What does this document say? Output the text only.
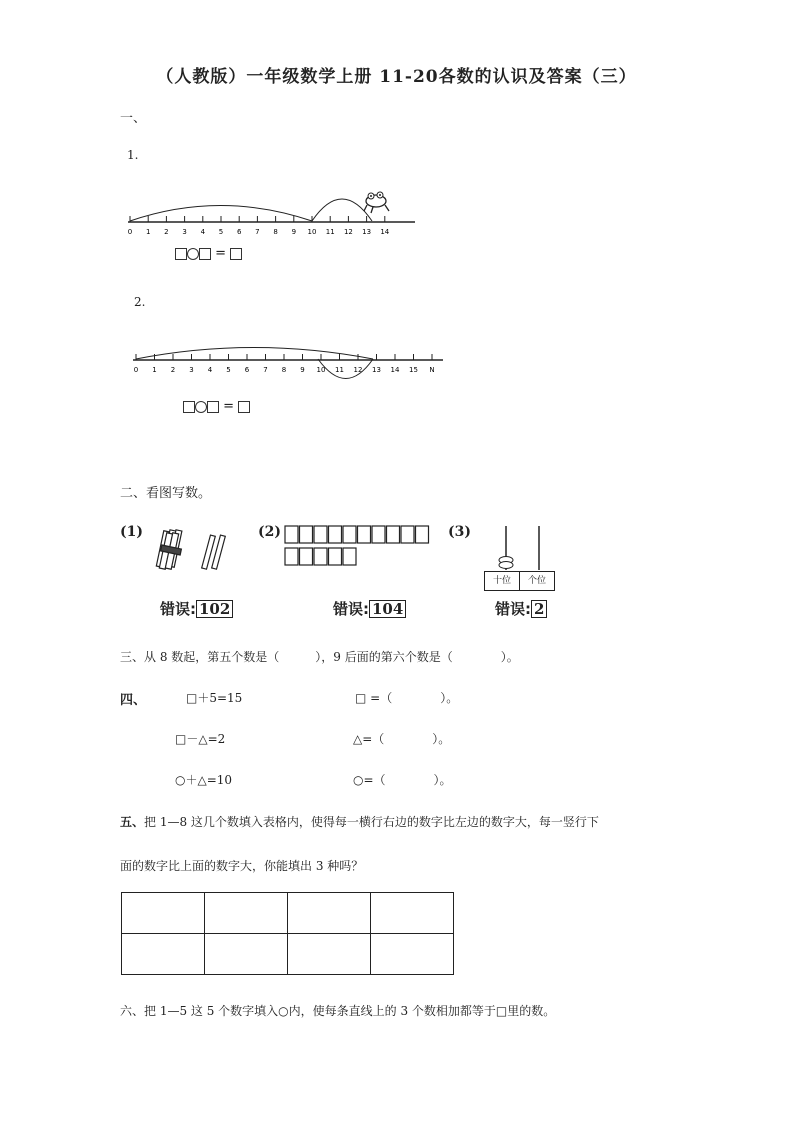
（人教版）一年级数学上册 11-20各数的认识及答案（三）
一、
1.
0 1 2 3 4 5 6 7 8 9 10 11 12 13 14
=
2.
0 1 2 3 4 5 6 7 8 9 10 11 12 13 14 15 N
=
二、看图写数。
(1)
错误: 102
(2)
错误: 104
(3)
十位	个位
错误: 2
三、从 8 数起，第五个数是（　　　），9 后面的第六个数是（　　　　）。
四、	□＋5=15	□ =（　　　　）。
□－△=2	△=（　　　　）。
○＋△=10	○=（　　　　）。
五、把 1—8 这几个数填入表格内，使得每一横行右边的数字比左边的数字大，每一竖行下
面的数字比上面的数字大，你能填出 3 种吗？

六、把 1—5 这 5 个数字填入○内，使每条直线上的 3 个数相加都等于□里的数。
